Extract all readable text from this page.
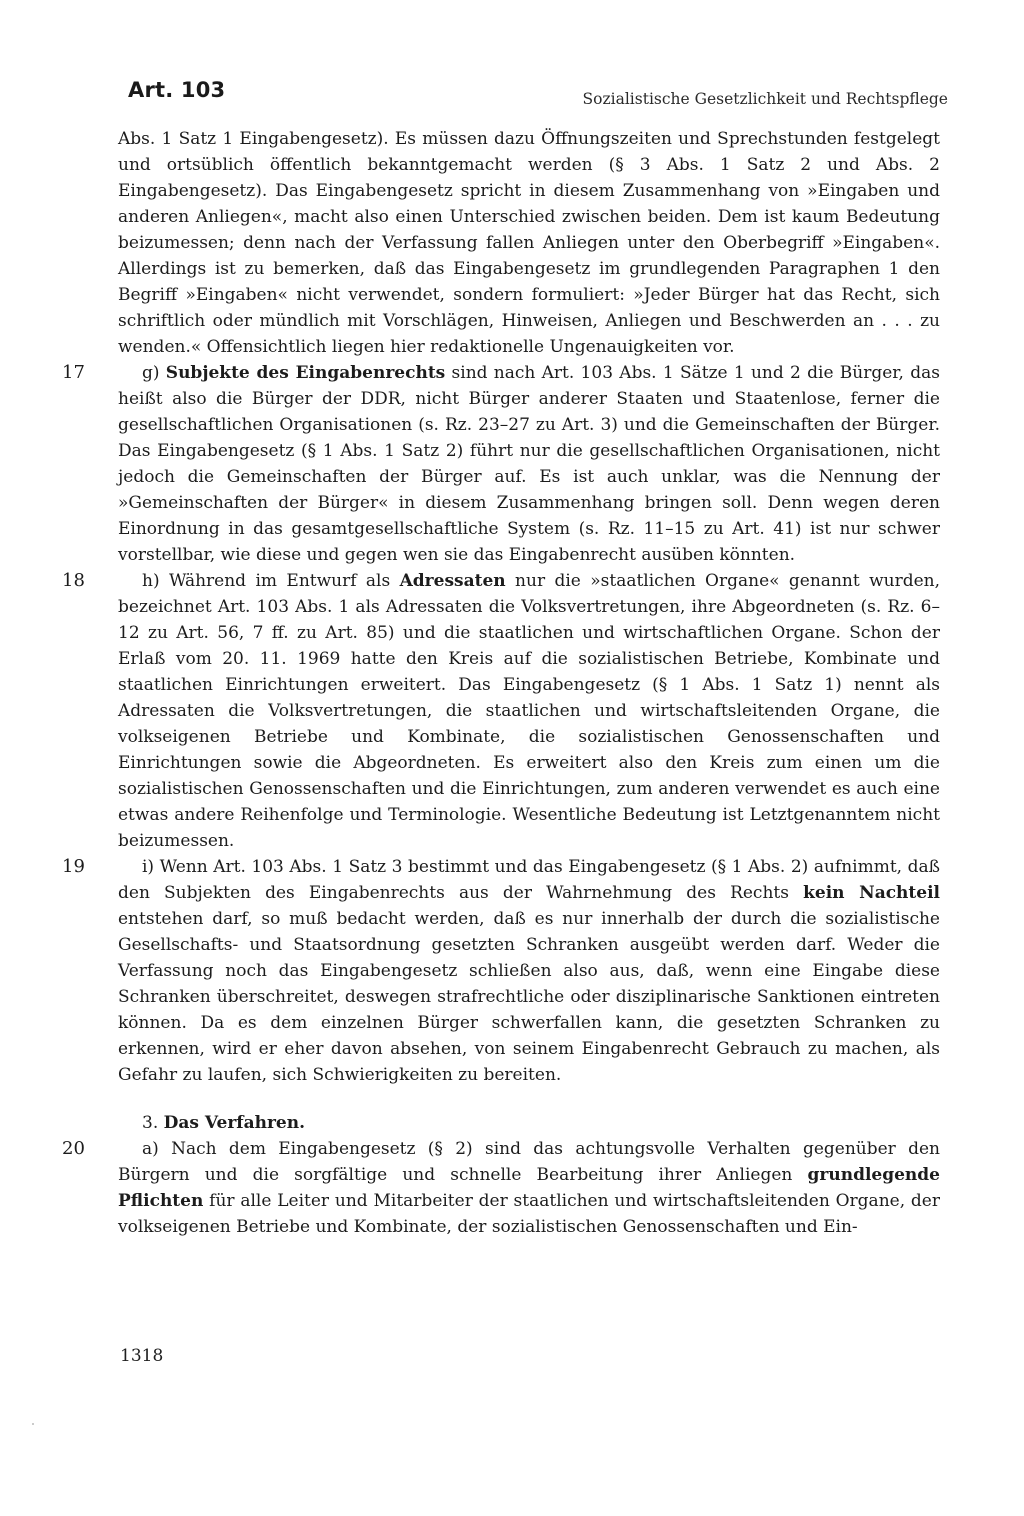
Art. 103	Sozialistische Gesetzlichkeit und Rechtspflege

Abs. 1 Satz 1 Eingabengesetz). Es müssen dazu Öffnungszeiten und Sprechstunden festgelegt und ortsüblich öffentlich bekanntgemacht werden (§ 3 Abs. 1 Satz 2 und Abs. 2 Eingabengesetz). Das Eingabengesetz spricht in diesem Zusammenhang von »Eingaben und anderen Anliegen«, macht also einen Unterschied zwischen beiden. Dem ist kaum Bedeutung beizumessen; denn nach der Verfassung fallen Anliegen unter den Oberbegriff »Eingaben«. Allerdings ist zu bemerken, daß das Eingabengesetz im grundlegenden Paragraphen 1 den Begriff »Eingaben« nicht verwendet, sondern formuliert: »Jeder Bürger hat das Recht, sich schriftlich oder mündlich mit Vorschlägen, Hinweisen, Anliegen und Beschwerden an . . . zu wenden.« Offensichtlich liegen hier redaktionelle Ungenauigkeiten vor.

17	g) Subjekte des Eingabenrechts sind nach Art. 103 Abs. 1 Sätze 1 und 2 die Bürger, das heißt also die Bürger der DDR, nicht Bürger anderer Staaten und Staatenlose, ferner die gesellschaftlichen Organisationen (s. Rz. 23–27 zu Art. 3) und die Gemeinschaften der Bürger. Das Eingabengesetz (§ 1 Abs. 1 Satz 2) führt nur die gesellschaftlichen Organisationen, nicht jedoch die Gemeinschaften der Bürger auf. Es ist auch unklar, was die Nennung der »Gemeinschaften der Bürger« in diesem Zusammenhang bringen soll. Denn wegen deren Einordnung in das gesamtgesellschaftliche System (s. Rz. 11–15 zu Art. 41) ist nur schwer vorstellbar, wie diese und gegen wen sie das Eingabenrecht ausüben könnten.

18	h) Während im Entwurf als Adressaten nur die »staatlichen Organe« genannt wurden, bezeichnet Art. 103 Abs. 1 als Adressaten die Volksvertretungen, ihre Abgeordneten (s. Rz. 6–12 zu Art. 56, 7 ff. zu Art. 85) und die staatlichen und wirtschaftlichen Organe. Schon der Erlaß vom 20. 11. 1969 hatte den Kreis auf die sozialistischen Betriebe, Kombinate und staatlichen Einrichtungen erweitert. Das Eingabengesetz (§ 1 Abs. 1 Satz 1) nennt als Adressaten die Volksvertretungen, die staatlichen und wirtschaftsleitenden Organe, die volkseigenen Betriebe und Kombinate, die sozialistischen Genossenschaften und Einrichtungen sowie die Abgeordneten. Es erweitert also den Kreis zum einen um die sozialistischen Genossenschaften und die Einrichtungen, zum anderen verwendet es auch eine etwas andere Reihenfolge und Terminologie. Wesentliche Bedeutung ist Letztgenanntem nicht beizumessen.

19	i) Wenn Art. 103 Abs. 1 Satz 3 bestimmt und das Eingabengesetz (§ 1 Abs. 2) aufnimmt, daß den Subjekten des Eingabenrechts aus der Wahrnehmung des Rechts kein Nachteil entstehen darf, so muß bedacht werden, daß es nur innerhalb der durch die sozialistische Gesellschafts- und Staatsordnung gesetzten Schranken ausgeübt werden darf. Weder die Verfassung noch das Eingabengesetz schließen also aus, daß, wenn eine Eingabe diese Schranken überschreitet, deswegen strafrechtliche oder disziplinarische Sanktionen eintreten können. Da es dem einzelnen Bürger schwerfallen kann, die gesetzten Schranken zu erkennen, wird er eher davon absehen, von seinem Eingabenrecht Gebrauch zu machen, als Gefahr zu laufen, sich Schwierigkeiten zu bereiten.

3. Das Verfahren.

20	a) Nach dem Eingabengesetz (§ 2) sind das achtungsvolle Verhalten gegenüber den Bürgern und die sorgfältige und schnelle Bearbeitung ihrer Anliegen grundlegende Pflichten für alle Leiter und Mitarbeiter der staatlichen und wirtschaftsleitenden Organe, der volkseigenen Betriebe und Kombinate, der sozialistischen Genossenschaften und Ein-

1318
